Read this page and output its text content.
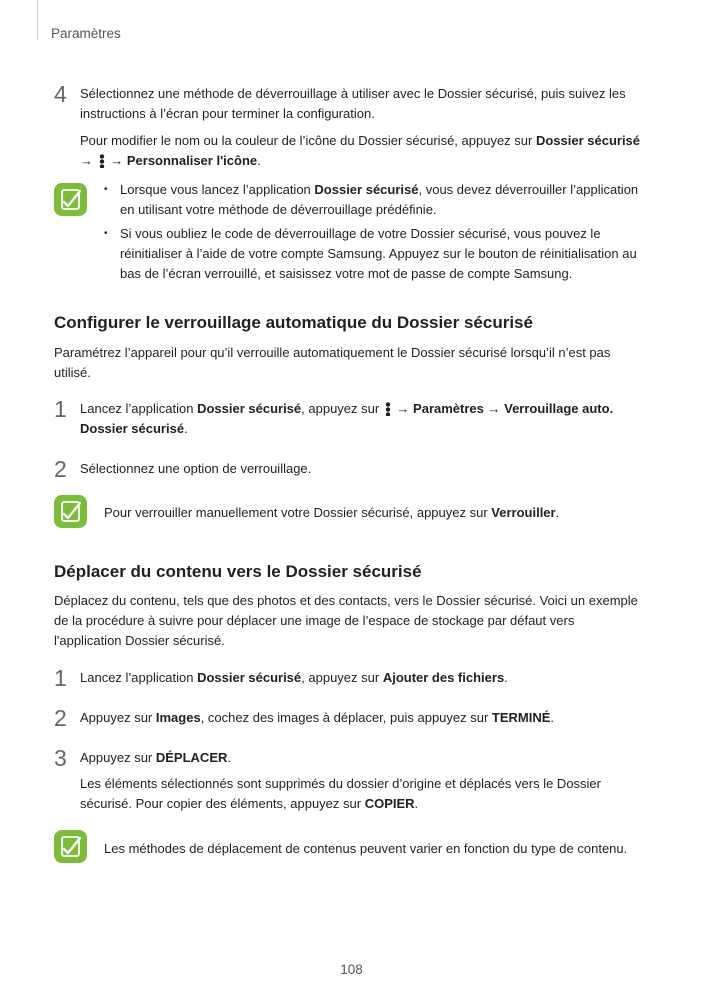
Paramètres
4 Sélectionnez une méthode de déverrouillage à utiliser avec le Dossier sécurisé, puis suivez les instructions à l’écran pour terminer la configuration.

Pour modifier le nom ou la couleur de l’icône du Dossier sécurisé, appuyez sur Dossier sécurisé
→  → Personnaliser l'icône.

• Lorsque vous lancez l’application Dossier sécurisé, vous devez déverrouiller l’application en utilisant votre méthode de déverrouillage prédéfinie.
• Si vous oubliez le code de déverrouillage de votre Dossier sécurisé, vous pouvez le réinitialiser à l’aide de votre compte Samsung. Appuyez sur le bouton de réinitialisation au bas de l’écran verrouillé, et saisissez votre mot de passe de compte Samsung.
Configurer le verrouillage automatique du Dossier sécurisé

Paramétrez l’appareil pour qu’il verrouille automatiquement le Dossier sécurisé lorsqu’il n’est pas utilisé.

1 Lancez l’application Dossier sécurisé, appuyez sur  → Paramètres → Verrouillage auto. Dossier sécurisé.

2 Sélectionnez une option de verrouillage.

Pour verrouiller manuellement votre Dossier sécurisé, appuyez sur Verrouiller.
Déplacer du contenu vers le Dossier sécurisé

Déplacez du contenu, tels que des photos et des contacts, vers le Dossier sécurisé. Voici un exemple de la procédure à suivre pour déplacer une image de l’espace de stockage par défaut vers l'application Dossier sécurisé.

1 Lancez l’application Dossier sécurisé, appuyez sur Ajouter des fichiers.

2 Appuyez sur Images, cochez des images à déplacer, puis appuyez sur TERMINÉ.

3 Appuyez sur DÉPLACER.

Les éléments sélectionnés sont supprimés du dossier d’origine et déplacés vers le Dossier sécurisé. Pour copier des éléments, appuyez sur COPIER.

Les méthodes de déplacement de contenus peuvent varier en fonction du type de contenu.
108
